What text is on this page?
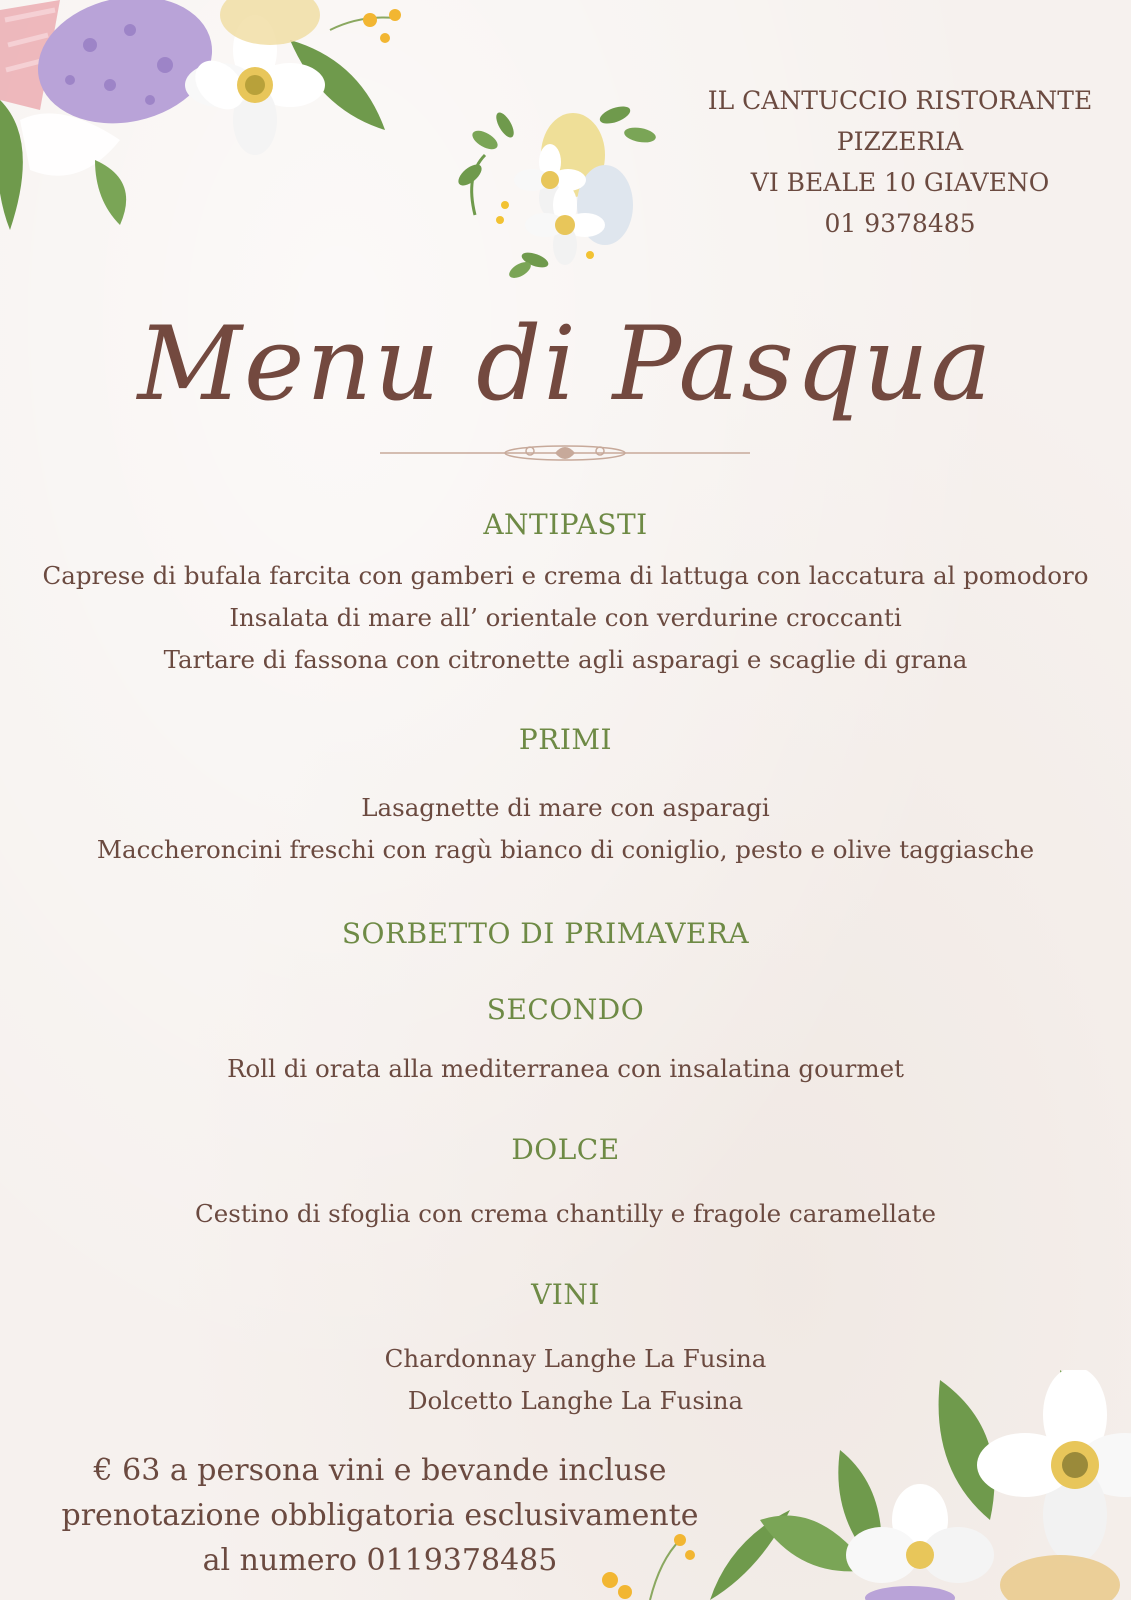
IL CANTUCCIO RISTORANTE
PIZZERIA
VI BEALE 10 GIAVENO
01 9378485
Menu di Pasqua
ANTIPASTI
Caprese di bufala farcita con gamberi e crema di lattuga con laccatura al pomodoro
Insalata di mare all’ orientale con verdurine croccanti
Tartare di fassona con citronette agli asparagi e scaglie di grana
PRIMI
Lasagnette di mare con asparagi
Maccheroncini freschi con ragù bianco di coniglio, pesto e olive taggiasche
SORBETTO DI PRIMAVERA
SECONDO
Roll di orata alla mediterranea con insalatina gourmet
DOLCE
Cestino di sfoglia con crema chantilly e fragole caramellate
VINI
Chardonnay Langhe La Fusina
Dolcetto Langhe La Fusina
€ 63 a persona vini e bevande incluse
prenotazione obbligatoria esclusivamente
al numero 0119378485
